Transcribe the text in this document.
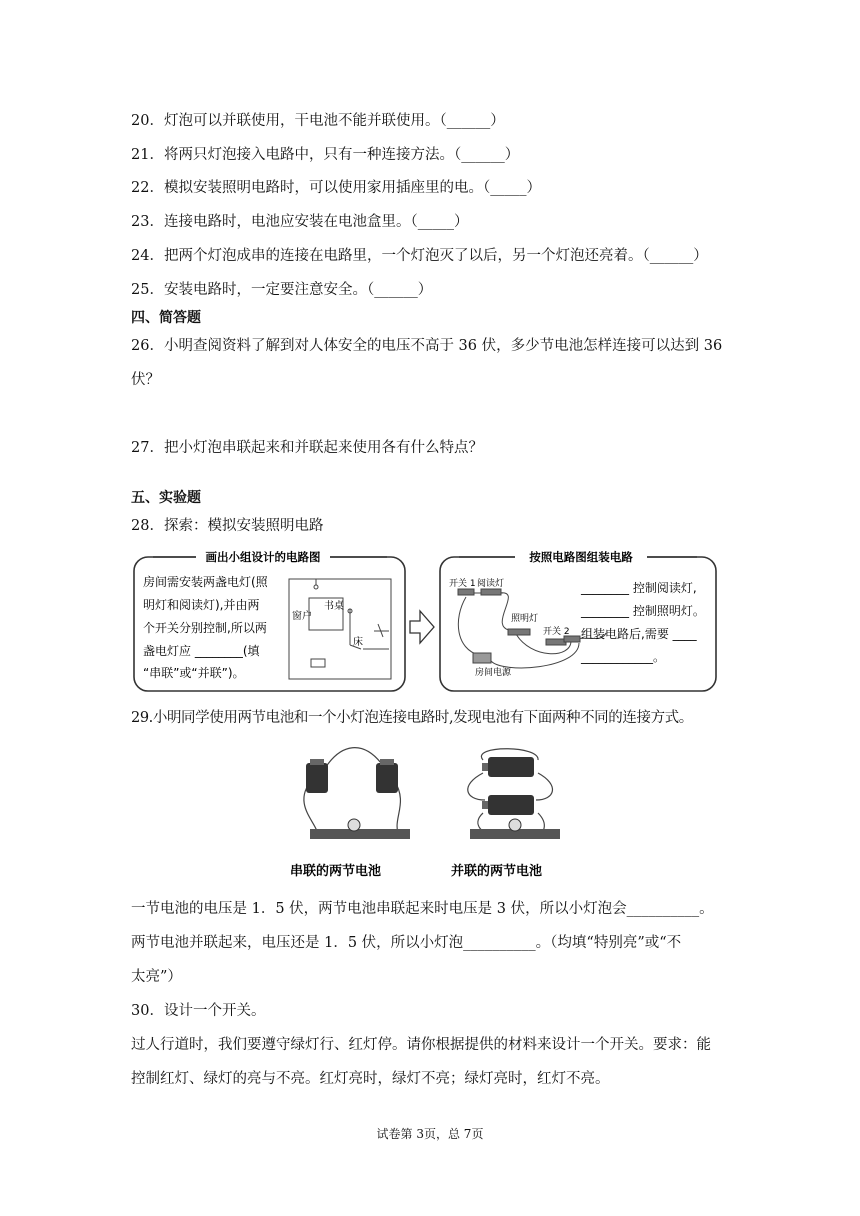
20．灯泡可以并联使用，干电池不能并联使用。（______）
21．将两只灯泡接入电路中，只有一种连接方法。（______）
22．模拟安装照明电路时，可以使用家用插座里的电。（_____）
23．连接电路时，电池应安装在电池盒里。（_____）
24．把两个灯泡成串的连接在电路里，一个灯泡灭了以后，另一个灯泡还亮着。（______）
25．安装电路时，一定要注意安全。（______）
四、简答题
26．小明查阅资料了解到对人体安全的电压不高于 36 伏，多少节电池怎样连接可以达到 36
伏？
27．把小灯泡串联起来和并联起来使用各有什么特点？
五、实验题
28．探索：模拟安装照明电路
画出小组设计的电路图
房间需安装两盏电灯(照
明灯和阅读灯),并由两
个开关分别控制,所以两
盏电灯应 ________(填
“串联”或“并联”)。
书桌
窗户
床
按照电路图组装电路
开关 1 阅读灯
照明灯
开关 2
房间电源
________ 控制阅读灯,
________ 控制照明灯。
组装电路后,需要 ____
____________。
29.小明同学使用两节电池和一个小灯泡连接电路时,发现电池有下面两种不同的连接方式。
串联的两节电池	并联的两节电池
一节电池的电压是 1．5 伏，两节电池串联起来时电压是 3 伏，所以小灯泡会__________。
两节电池并联起来，电压还是 1．5 伏，所以小灯泡__________。（均填“特别亮”或“不
太亮”）
30．设计一个开关。
过人行道时，我们要遵守绿灯行、红灯停。请你根据提供的材料来设计一个开关。要求：能
控制红灯、绿灯的亮与不亮。红灯亮时，绿灯不亮；绿灯亮时，红灯不亮。
试卷第 3页，总 7页
